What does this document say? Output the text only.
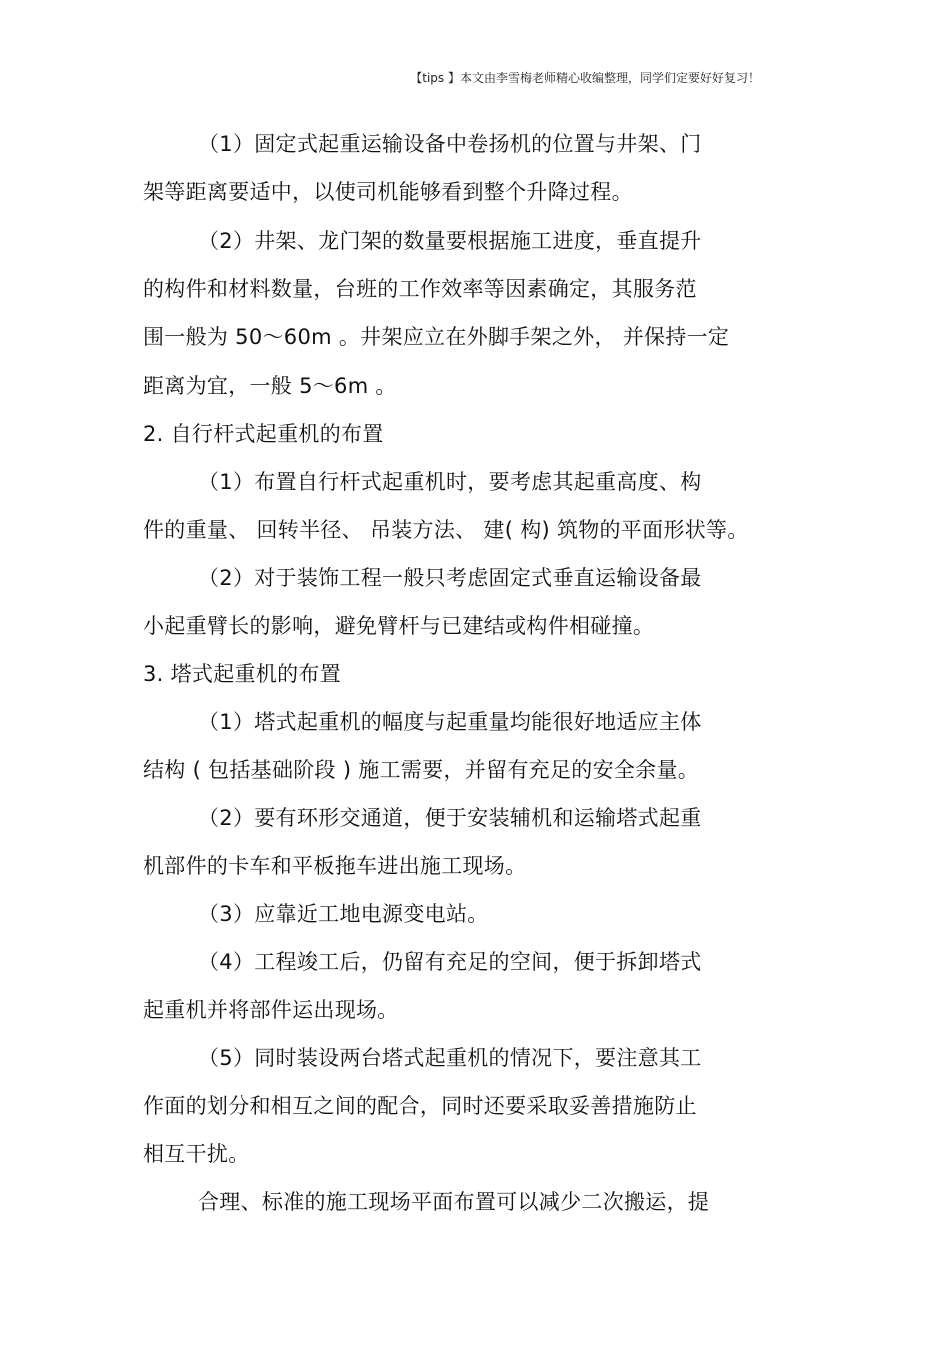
【tips 】本文由李雪梅老师精心收编整理，同学们定要好好复习！
（1）固定式起重运输设备中卷扬机的位置与井架、门
架等距离要适中，以使司机能够看到整个升降过程。
（2）井架、龙门架的数量要根据施工进度，垂直提升
的构件和材料数量，台班的工作效率等因素确定，其服务范
围一般为 50～60m 。井架应立在外脚手架之外， 并保持一定
距离为宜，一般 5～6m 。
2. 自行杆式起重机的布置
（1）布置自行杆式起重机时，要考虑其起重高度、构
件的重量、 回转半径、 吊装方法、 建( 构) 筑物的平面形状等。
（2）对于装饰工程一般只考虑固定式垂直运输设备最
小起重臂长的影响，避免臂杆与已建结或构件相碰撞。
3. 塔式起重机的布置
（1）塔式起重机的幅度与起重量均能很好地适应主体
结构 ( 包括基础阶段 ) 施工需要，并留有充足的安全余量。
（2）要有环形交通道，便于安装辅机和运输塔式起重
机部件的卡车和平板拖车进出施工现场。
（3）应靠近工地电源变电站。
（4）工程竣工后，仍留有充足的空间，便于拆卸塔式
起重机并将部件运出现场。
（5）同时装设两台塔式起重机的情况下，要注意其工
作面的划分和相互之间的配合，同时还要采取妥善措施防止
相互干扰。
合理、标准的施工现场平面布置可以减少二次搬运，提
